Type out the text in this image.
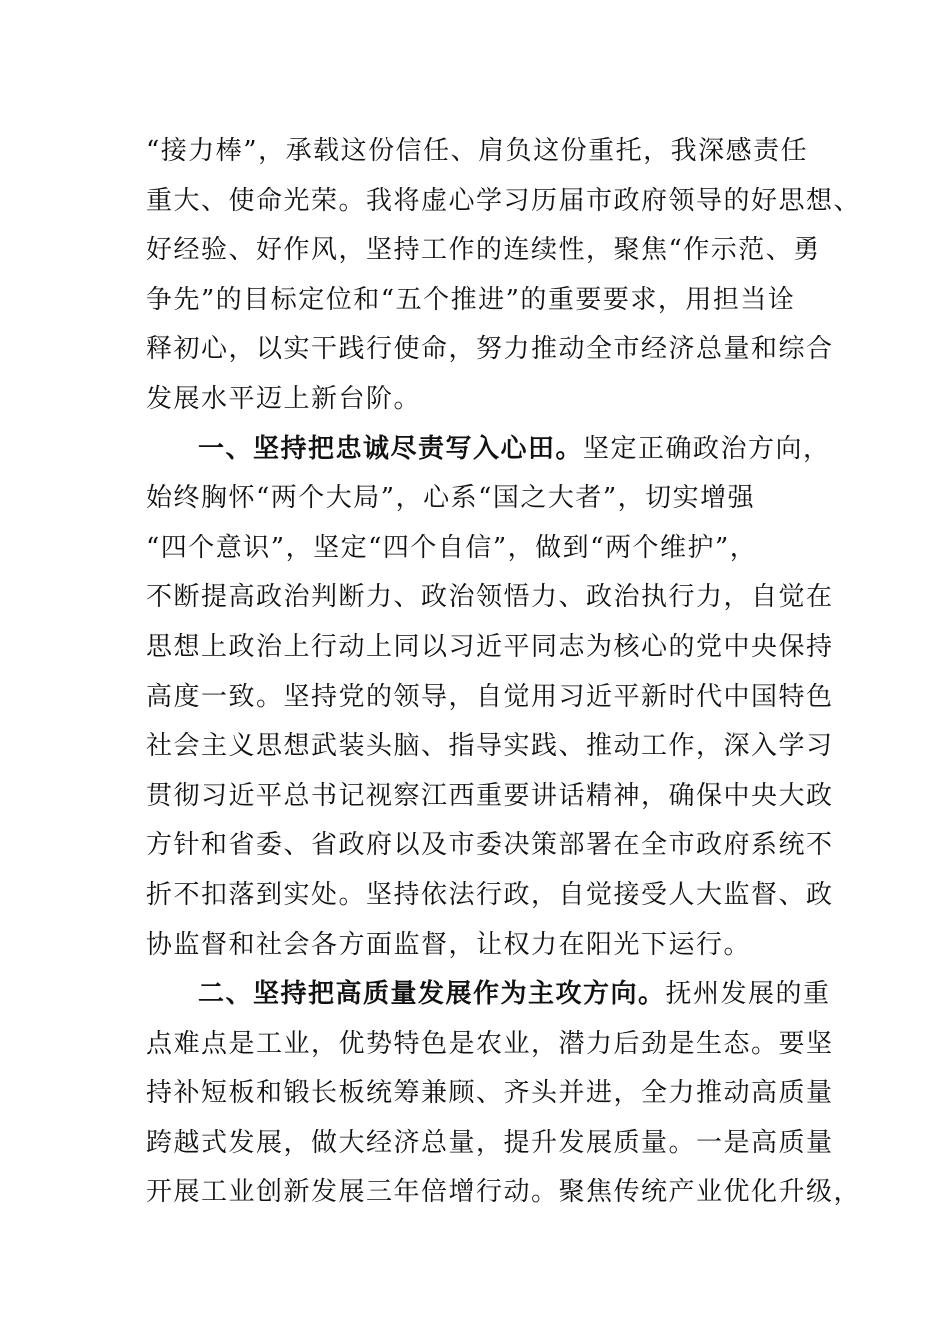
“接力棒”，承载这份信任、肩负这份重托，我深感责任
重大、使命光荣。我将虚心学习历届市政府领导的好思想、
好经验、好作风，坚持工作的连续性，聚焦“作示范、勇
争先”的目标定位和“五个推进”的重要要求，用担当诠
释初心，以实干践行使命，努力推动全市经济总量和综合
发展水平迈上新台阶。
一、坚持把忠诚尽责写入心田。坚定正确政治方向，
始终胸怀“两个大局”，心系“国之大者”，切实增强
“四个意识”，坚定“四个自信”，做到“两个维护”，
不断提高政治判断力、政治领悟力、政治执行力，自觉在
思想上政治上行动上同以习近平同志为核心的党中央保持
高度一致。坚持党的领导，自觉用习近平新时代中国特色
社会主义思想武装头脑、指导实践、推动工作，深入学习
贯彻习近平总书记视察江西重要讲话精神，确保中央大政
方针和省委、省政府以及市委决策部署在全市政府系统不
折不扣落到实处。坚持依法行政，自觉接受人大监督、政
协监督和社会各方面监督，让权力在阳光下运行。
二、坚持把高质量发展作为主攻方向。抚州发展的重
点难点是工业，优势特色是农业，潜力后劲是生态。要坚
持补短板和锻长板统筹兼顾、齐头并进，全力推动高质量
跨越式发展，做大经济总量，提升发展质量。一是高质量
开展工业创新发展三年倍增行动。聚焦传统产业优化升级，
